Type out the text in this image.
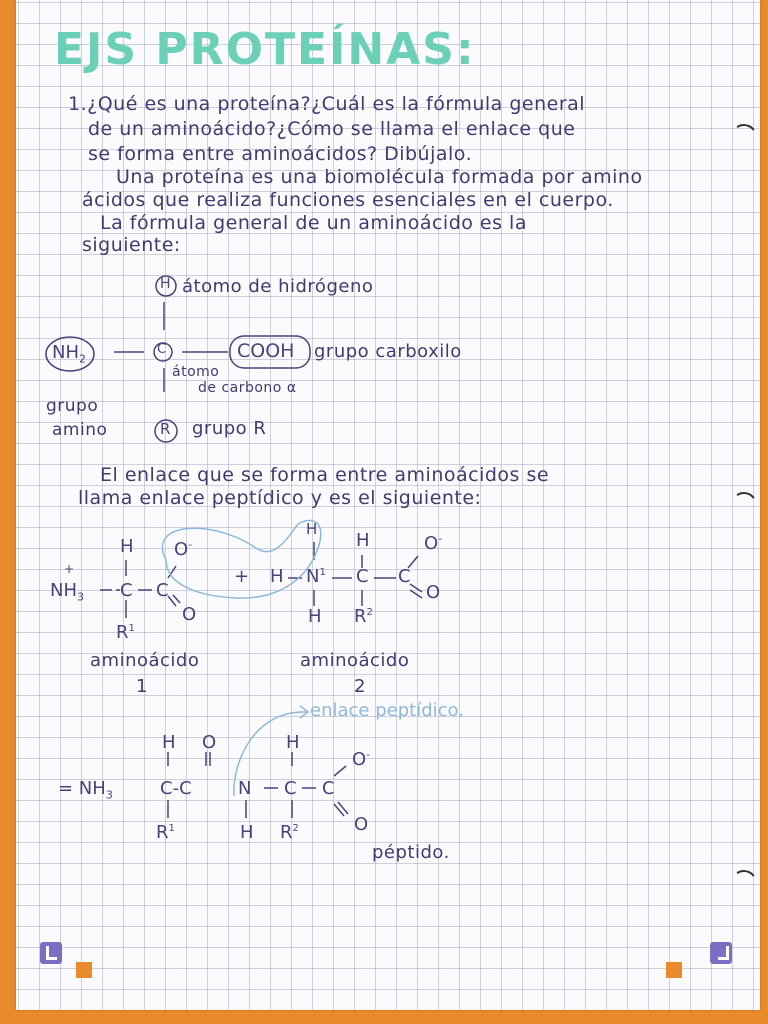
EJS PROTEÍNAS:
1.¿Qué es una proteína?¿Cuál es la fórmula general
de un aminoácido?¿Cómo se llama el enlace que
se forma entre aminoácidos? Dibújalo.
Una proteína es una biomolécula formada por amino
ácidos que realiza funciones esenciales en el cuerpo.
La fórmula general de un aminoácido es la
siguiente:
H átomo de hidrógeno
$NH_2$
C	COOH grupo carboxilo
átomo
de carbono α
grupo
amino	R grupo R
El enlace que se forma entre aminoácidos se
llama enlace peptídico y es el siguiente:
+
$NH_3$
H
C C
O-
O
$R^1$
aminoácido
1
+
H
H $N^1$
H
C C
O-
O
H $R^2$
aminoácido
2
enlace peptídico.
H O	H
= $NH_3$	C-C	N C C
O-
O
$R^1$	H $R^2$
péptido.
